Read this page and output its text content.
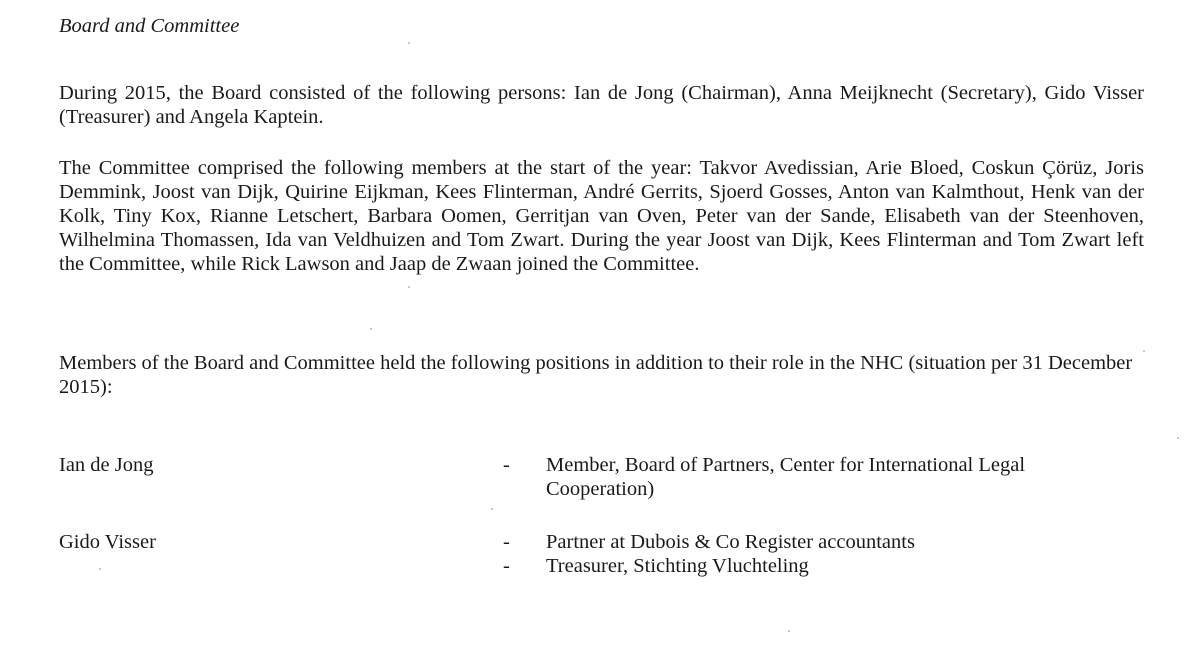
Board and Committee

During 2015, the Board consisted of the following persons: Ian de Jong (Chairman), Anna Meijknecht (Secretary), Gido Visser (Treasurer) and Angela Kaptein.

The Committee comprised the following members at the start of the year: Takvor Avedissian, Arie Bloed, Coskun Çörüz, Joris Demmink, Joost van Dijk, Quirine Eijkman, Kees Flinterman, André Gerrits, Sjoerd Gosses, Anton van Kalmthout, Henk van der Kolk, Tiny Kox, Rianne Letschert, Barbara Oomen, Gerritjan van Oven, Peter van der Sande, Elisabeth van der Steenhoven, Wilhelmina Thomassen, Ida van Veldhuizen and Tom Zwart. During the year Joost van Dijk, Kees Flinterman and Tom Zwart left the Committee, while Rick Lawson and Jaap de Zwaan joined the Committee.

Members of the Board and Committee held the following positions in addition to their role in the NHC (situation per 31 December 2015):

Ian de Jong	- Member, Board of Partners, Center for International Legal Cooperation)
Gido Visser	- Partner at Dubois & Co Register accountants
- Treasurer, Stichting Vluchteling
